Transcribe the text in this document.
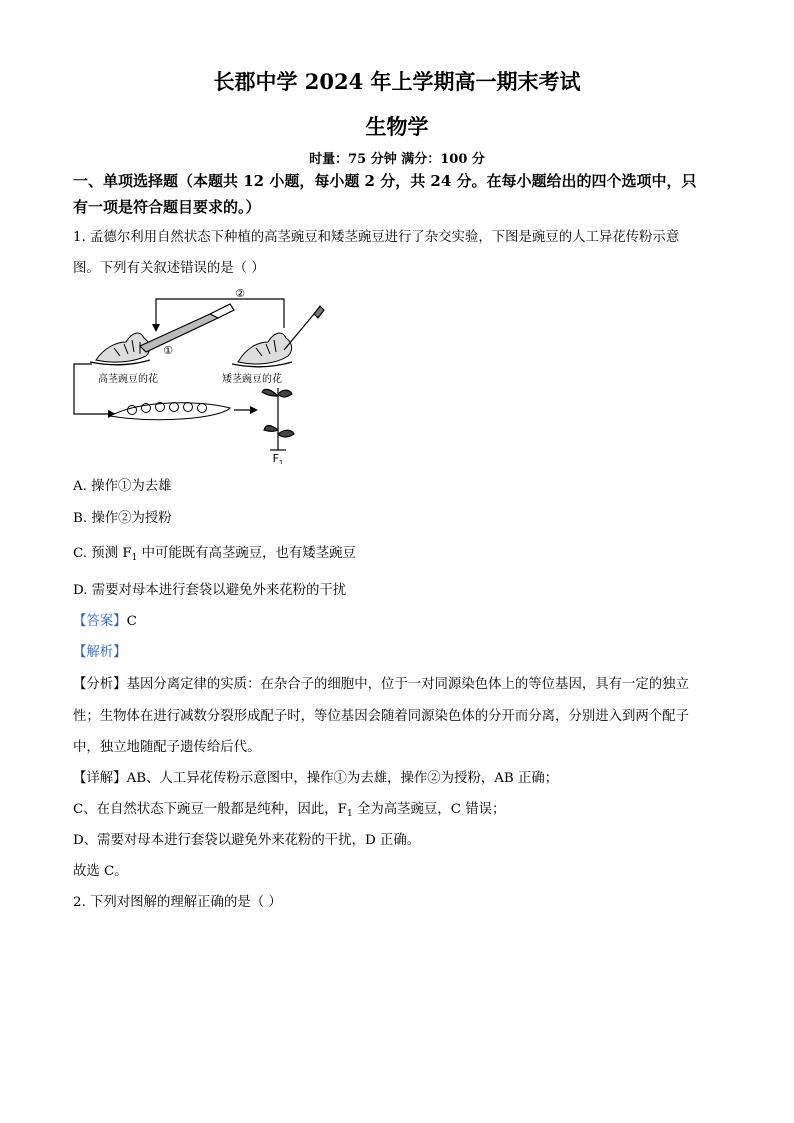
长郡中学 2024 年上学期高一期末考试
生物学
时量：75 分钟 满分：100 分
一、单项选择题（本题共 12 小题，每小题 2 分，共 24 分。在每小题给出的四个选项中，只
有一项是符合题目要求的。）
1. 孟德尔利用自然状态下种植的高茎豌豆和矮茎豌豆进行了杂交实验，下图是豌豆的人工异花传粉示意
图。下列有关叙述错误的是（ ）
②
①
高茎豌豆的花	矮茎豌豆的花
$F_1$
A. 操作①为去雄
B. 操作②为授粉
C. 预测 $F_1$ 中可能既有高茎豌豆，也有矮茎豌豆
D. 需要对母本进行套袋以避免外来花粉的干扰
【答案】C
【解析】
【分析】基因分离定律的实质：在杂合子的细胞中，位于一对同源染色体上的等位基因，具有一定的独立
性；生物体在进行减数分裂形成配子时，等位基因会随着同源染色体的分开而分离，分别进入到两个配子
中，独立地随配子遗传给后代。
【详解】AB、人工异花传粉示意图中，操作①为去雄，操作②为授粉，AB 正确；
C、在自然状态下豌豆一般都是纯种，因此，$F_1$ 全为高茎豌豆，C 错误；
D、需要对母本进行套袋以避免外来花粉的干扰，D 正确。
故选 C。
2. 下列对图解的理解正确的是（ ）
